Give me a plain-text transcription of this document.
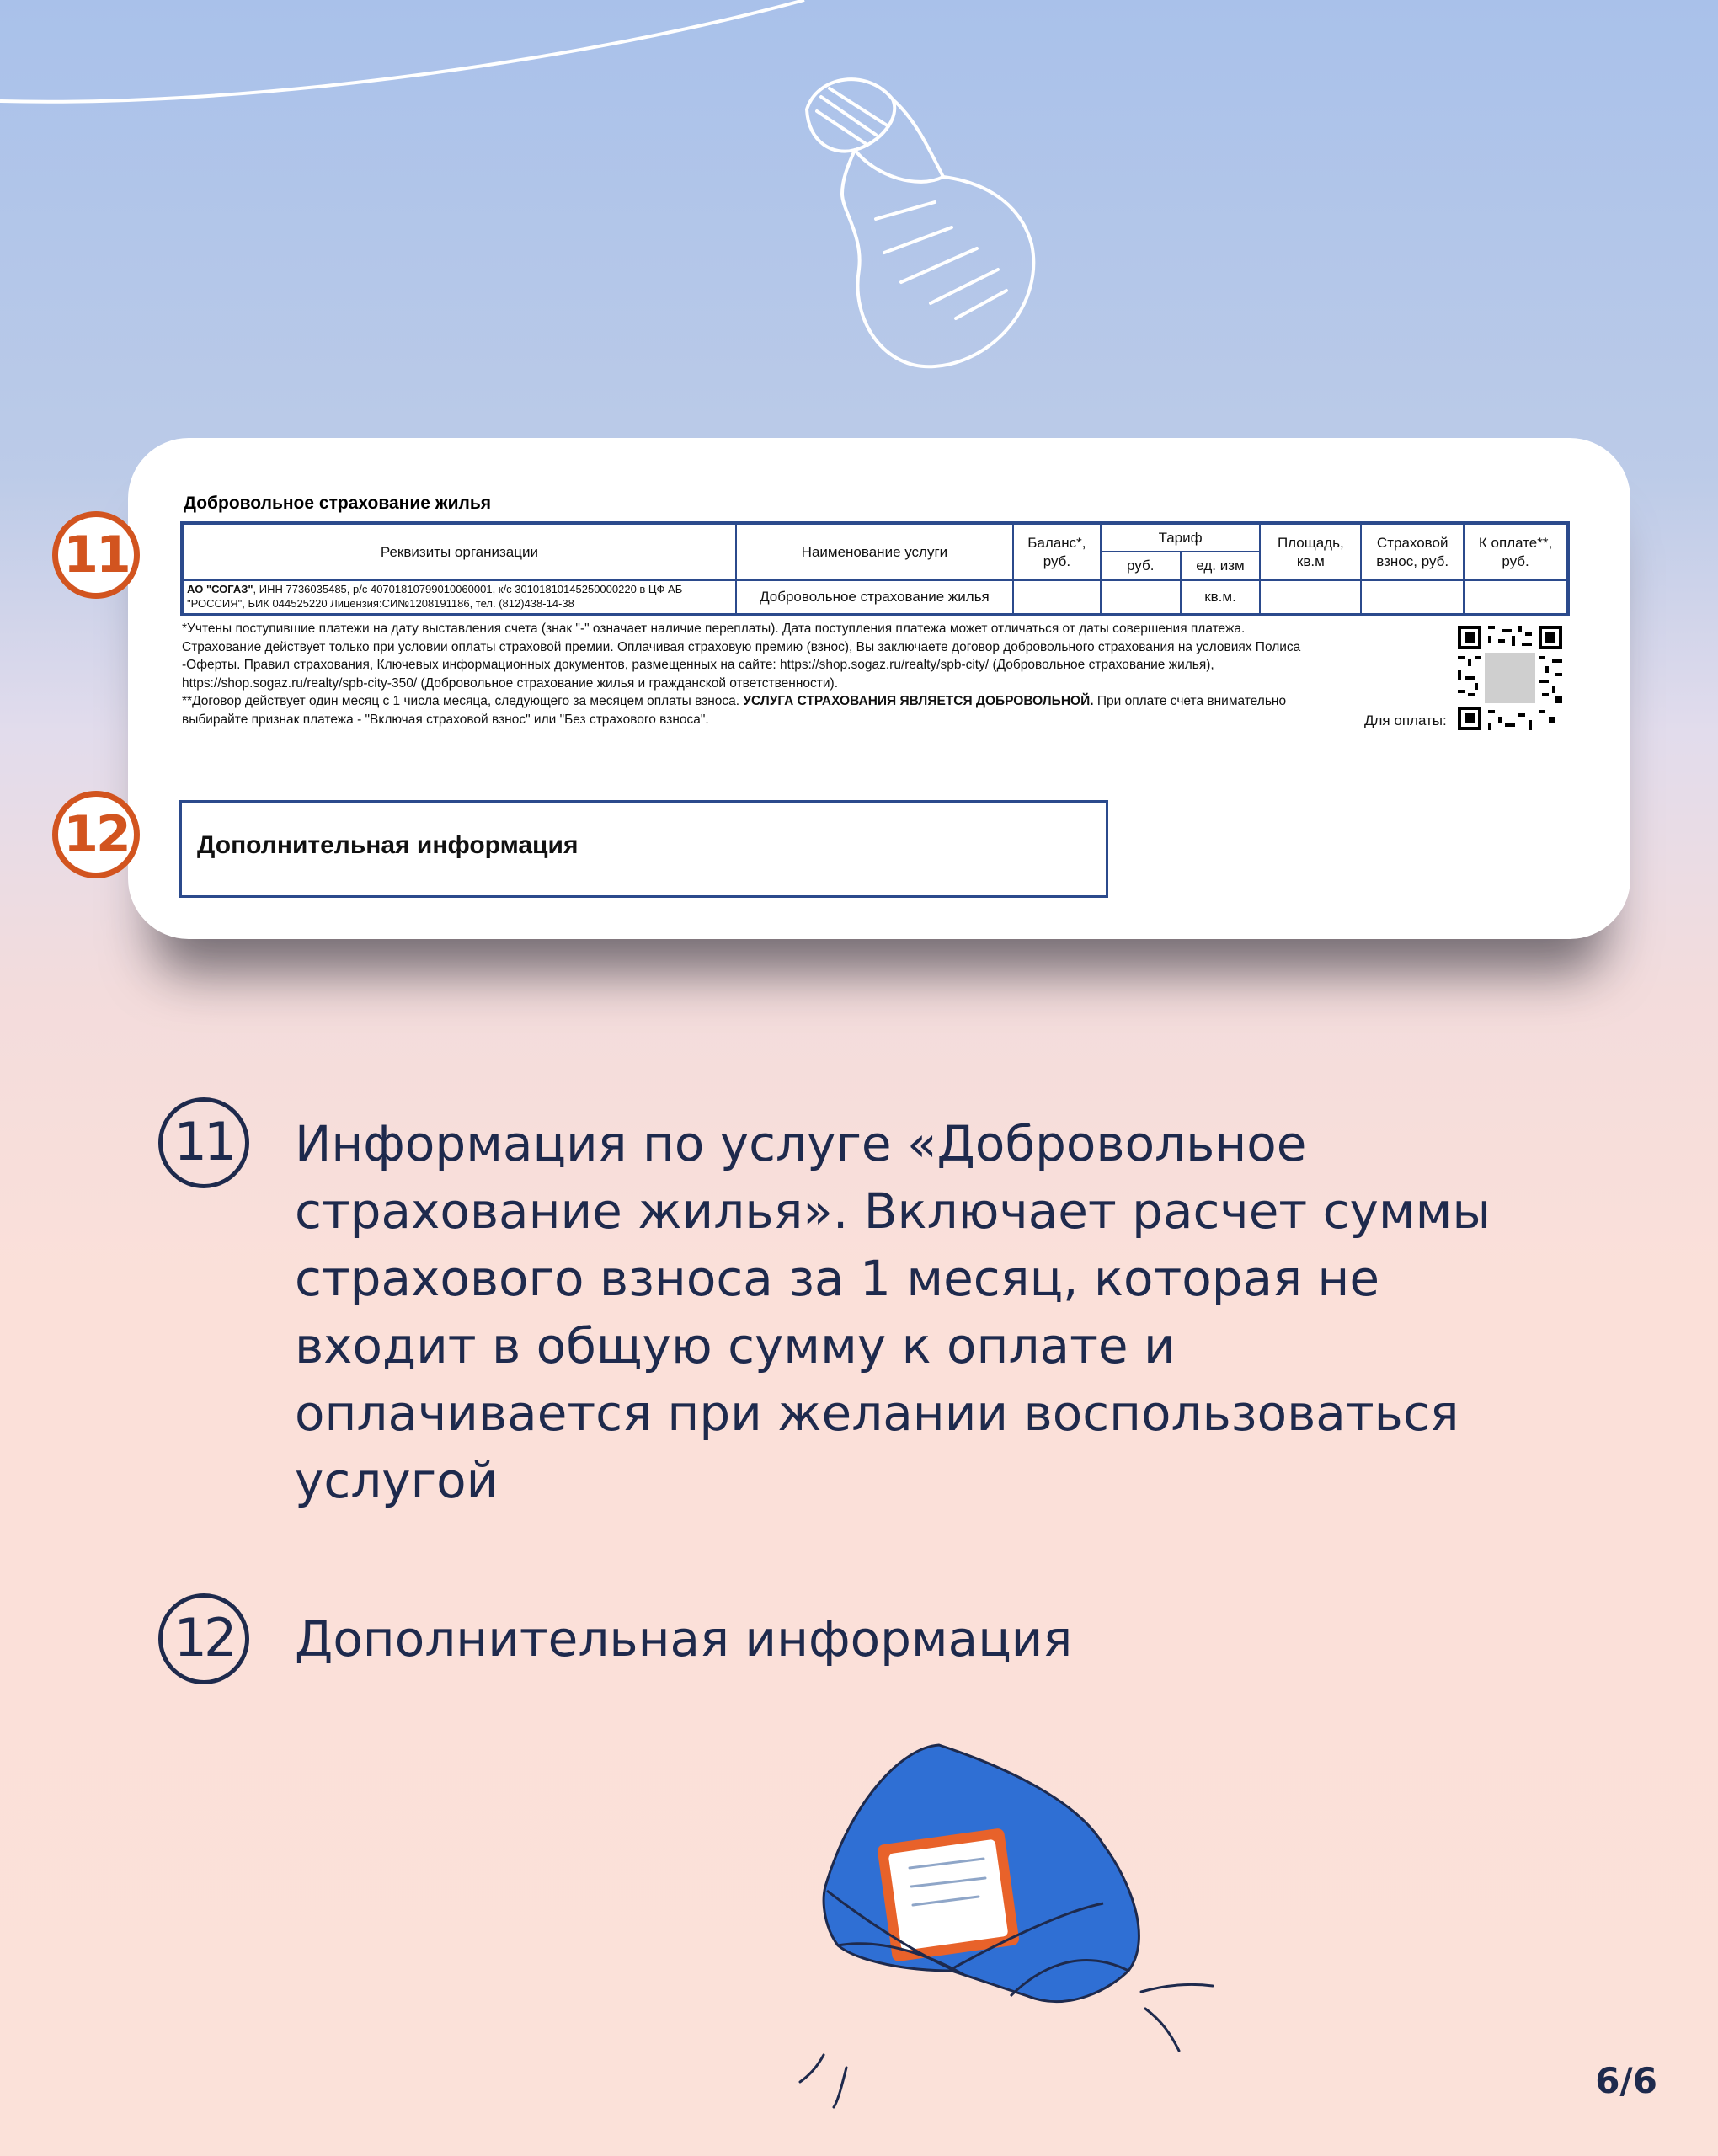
11
12
Добровольное страхование жилья
Реквизиты организации	Наименование услуги	Баланс*, руб.	Тариф		Площадь, кв.м	Страховой взнос, руб.	К оплате**, руб.
			руб.	ед. изм			
АО "СОГАЗ", ИНН 7736035485, р/с 40701810799010060001, к/с 30101810145250000220 в ЦФ АБ "РОССИЯ", БИК 044525220 Лицензия:СИ№1208191186, тел. (812)438-14-38	Добровольное страхование жилья			кв.м.			

*Учтены поступившие платежи на дату выставления счета (знак "-" означает наличие переплаты). Дата поступления платежа может отличаться от даты совершения платежа.

Страхование действует только при условии оплаты страховой премии. Оплачивая страховую премию (взнос), Вы заключаете договор добровольного страхования на условиях Полиса

-Оферты. Правил страхования, Ключевых информационных документов, размещенных на сайте: https://shop.sogaz.ru/realty/spb-city/ (Добровольное страхование жилья),

https://shop.sogaz.ru/realty/spb-city-350/ (Добровольное страхование жилья и гражданской ответственности).

**Договор действует один месяц с 1 числа месяца, следующего за месяцем оплаты взноса. УСЛУГА СТРАХОВАНИЯ ЯВЛЯЕТСЯ ДОБРОВОЛЬНОЙ. При оплате счета внимательно

выбирайте признак платежа - "Включая страховой взнос" или "Без страхового взноса".	Для оплаты:
Дополнительная информация
11	Информация по услуге «Добровольное страхование жилья». Включает расчет суммы страхового взноса за 1 месяц, которая не входит в общую сумму к оплате и оплачивается при желании воспользоваться услугой
12	Дополнительная информация
6/6
